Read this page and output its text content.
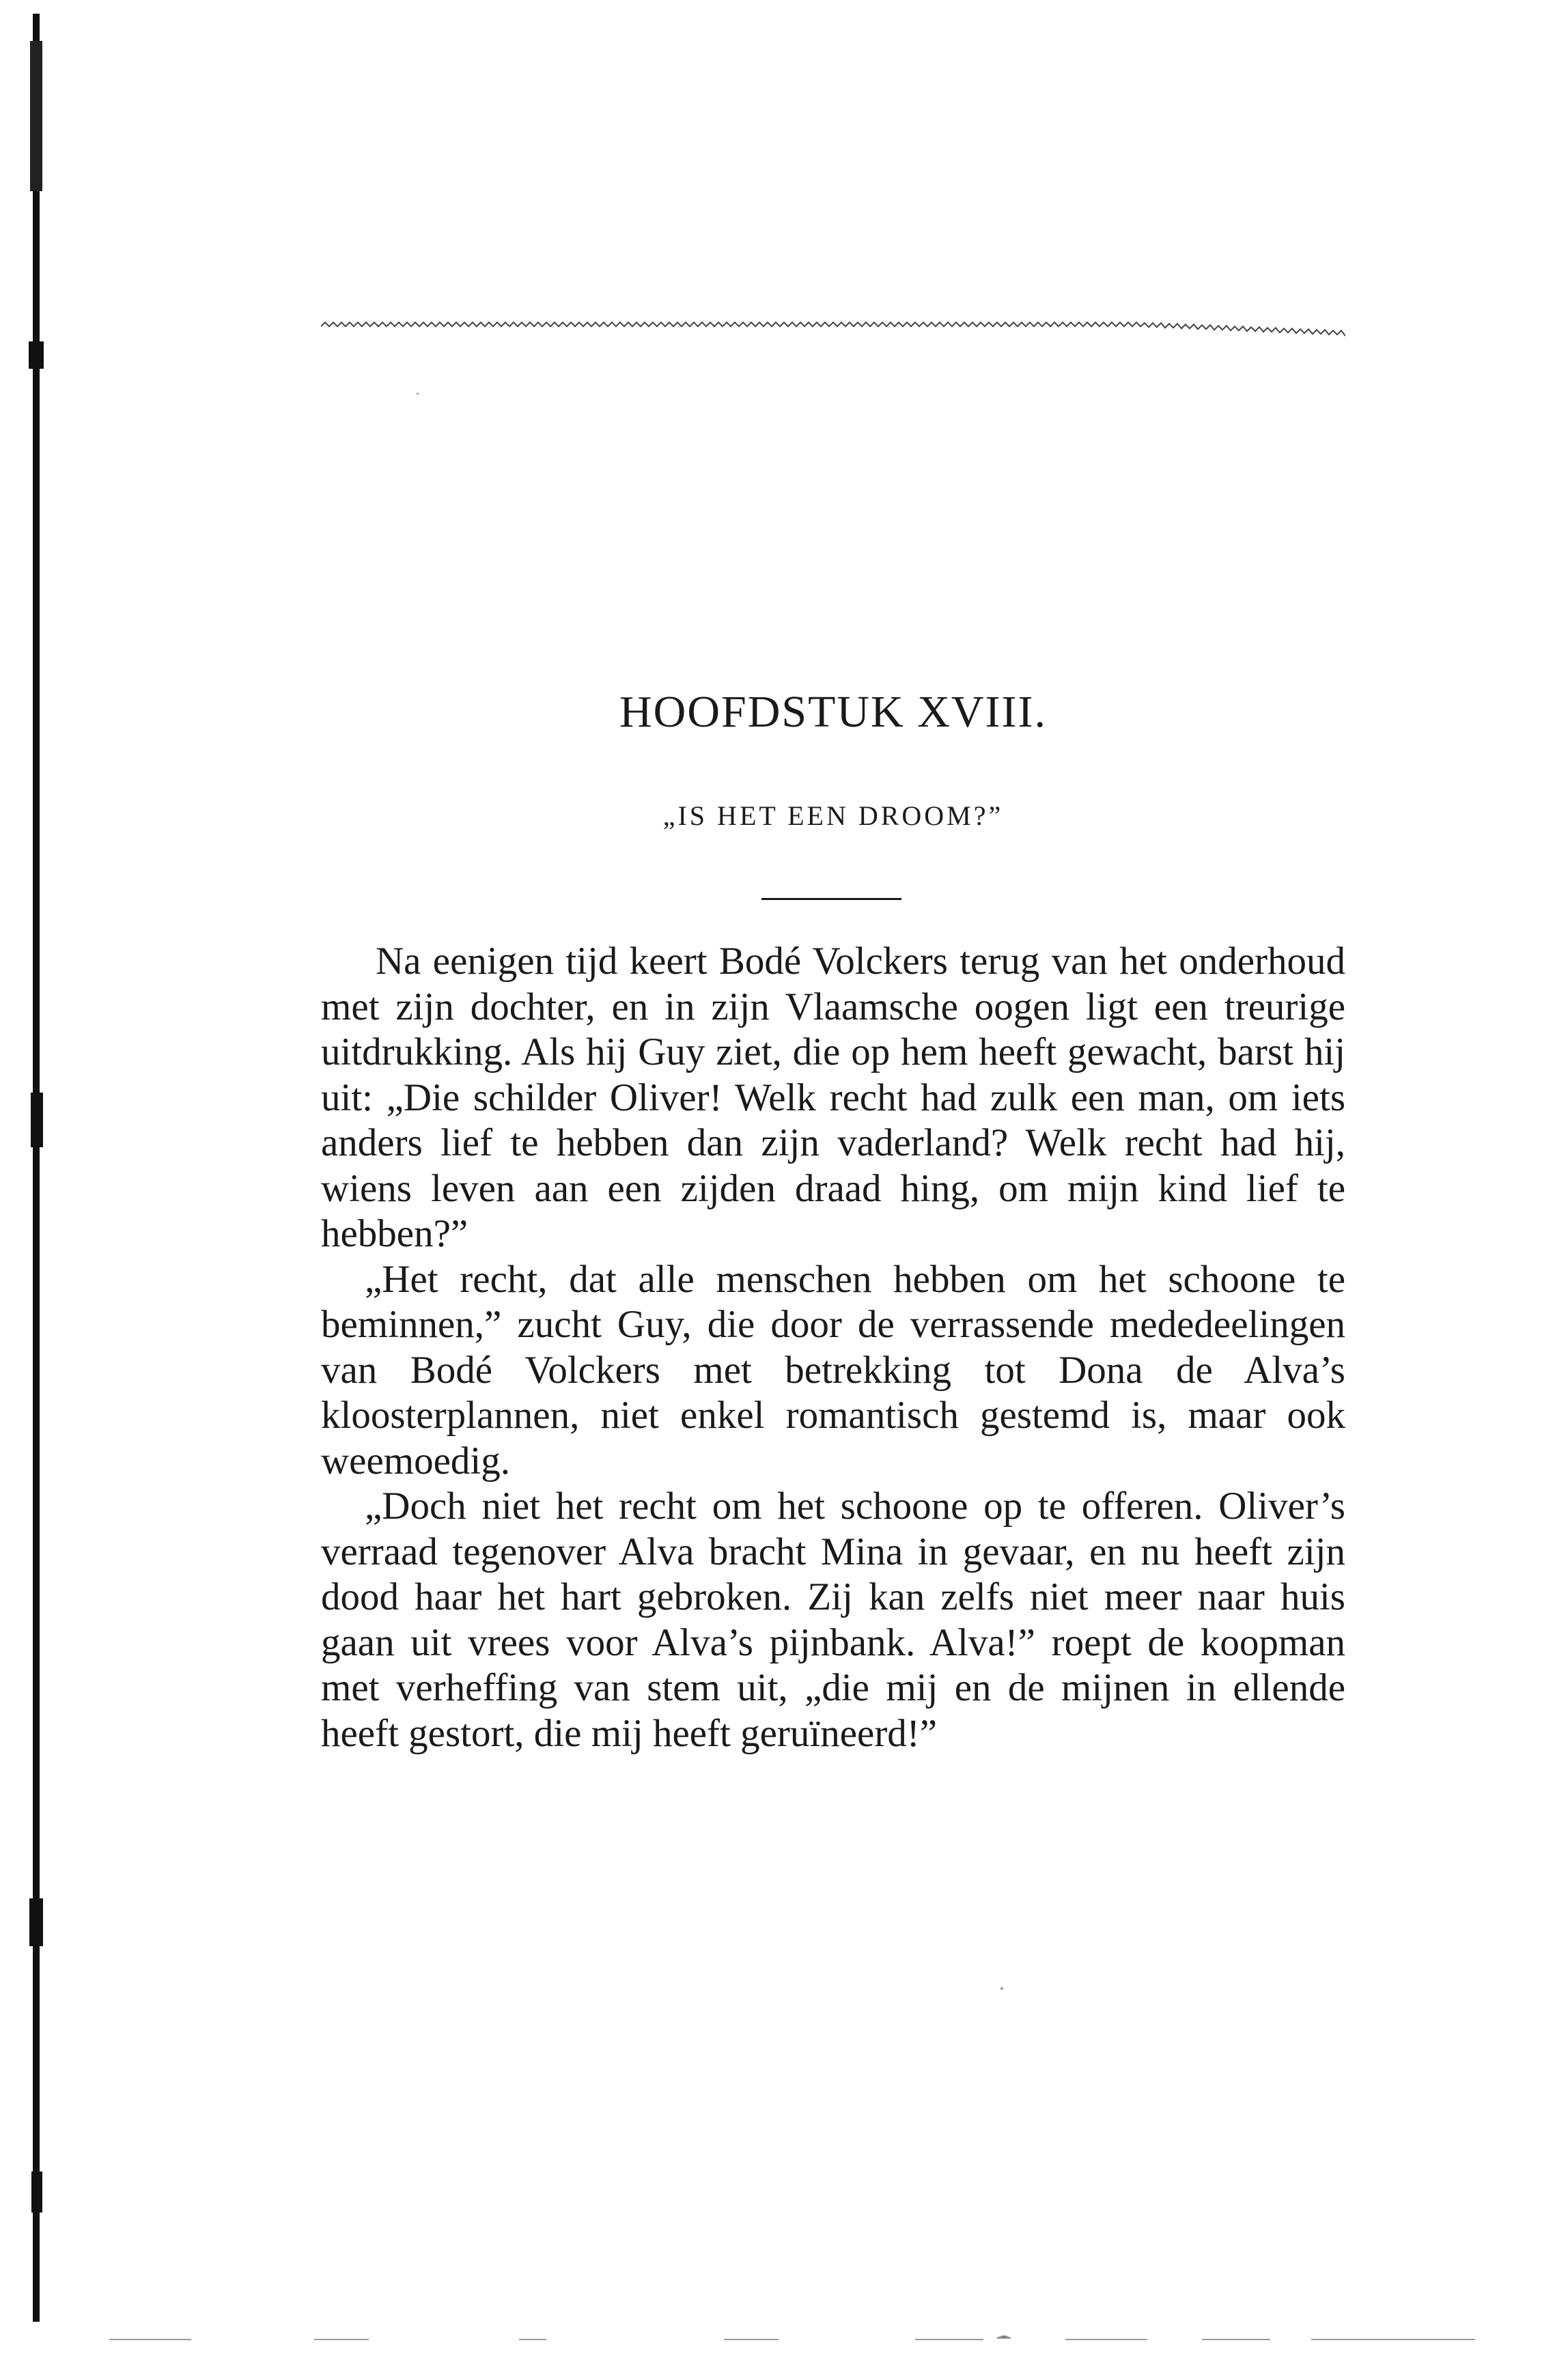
HOOFDSTUK XVIII.
„IS HET EEN DROOM?”

Na eenigen tijd keert Bodé Volckers terug van het onderhoud met zijn dochter, en in zijn Vlaamsche oogen ligt een treurige uitdrukking. Als hij Guy ziet, die op hem heeft gewacht, barst hij uit: „Die schilder Oliver! Welk recht had zulk een man, om iets anders lief te hebben dan zijn vaderland? Welk recht had hij, wiens leven aan een zijden draad hing, om mijn kind lief te hebben?”

„Het recht, dat alle menschen hebben om het schoone te beminnen,” zucht Guy, die door de verrassende mededeelingen van Bodé Volckers met betrekking tot Dona de Alva’s kloosterplannen, niet enkel romantisch gestemd is, maar ook weemoedig.

„Doch niet het recht om het schoone op te offeren. Oliver’s verraad tegenover Alva bracht Mina in gevaar, en nu heeft zijn dood haar het hart gebroken. Zij kan zelfs niet meer naar huis gaan uit vrees voor Alva’s pijnbank. Alva!” roept de koopman met verheffing van stem uit, „die mij en de mijnen in ellende heeft gestort, die mij heeft geruïneerd!”
